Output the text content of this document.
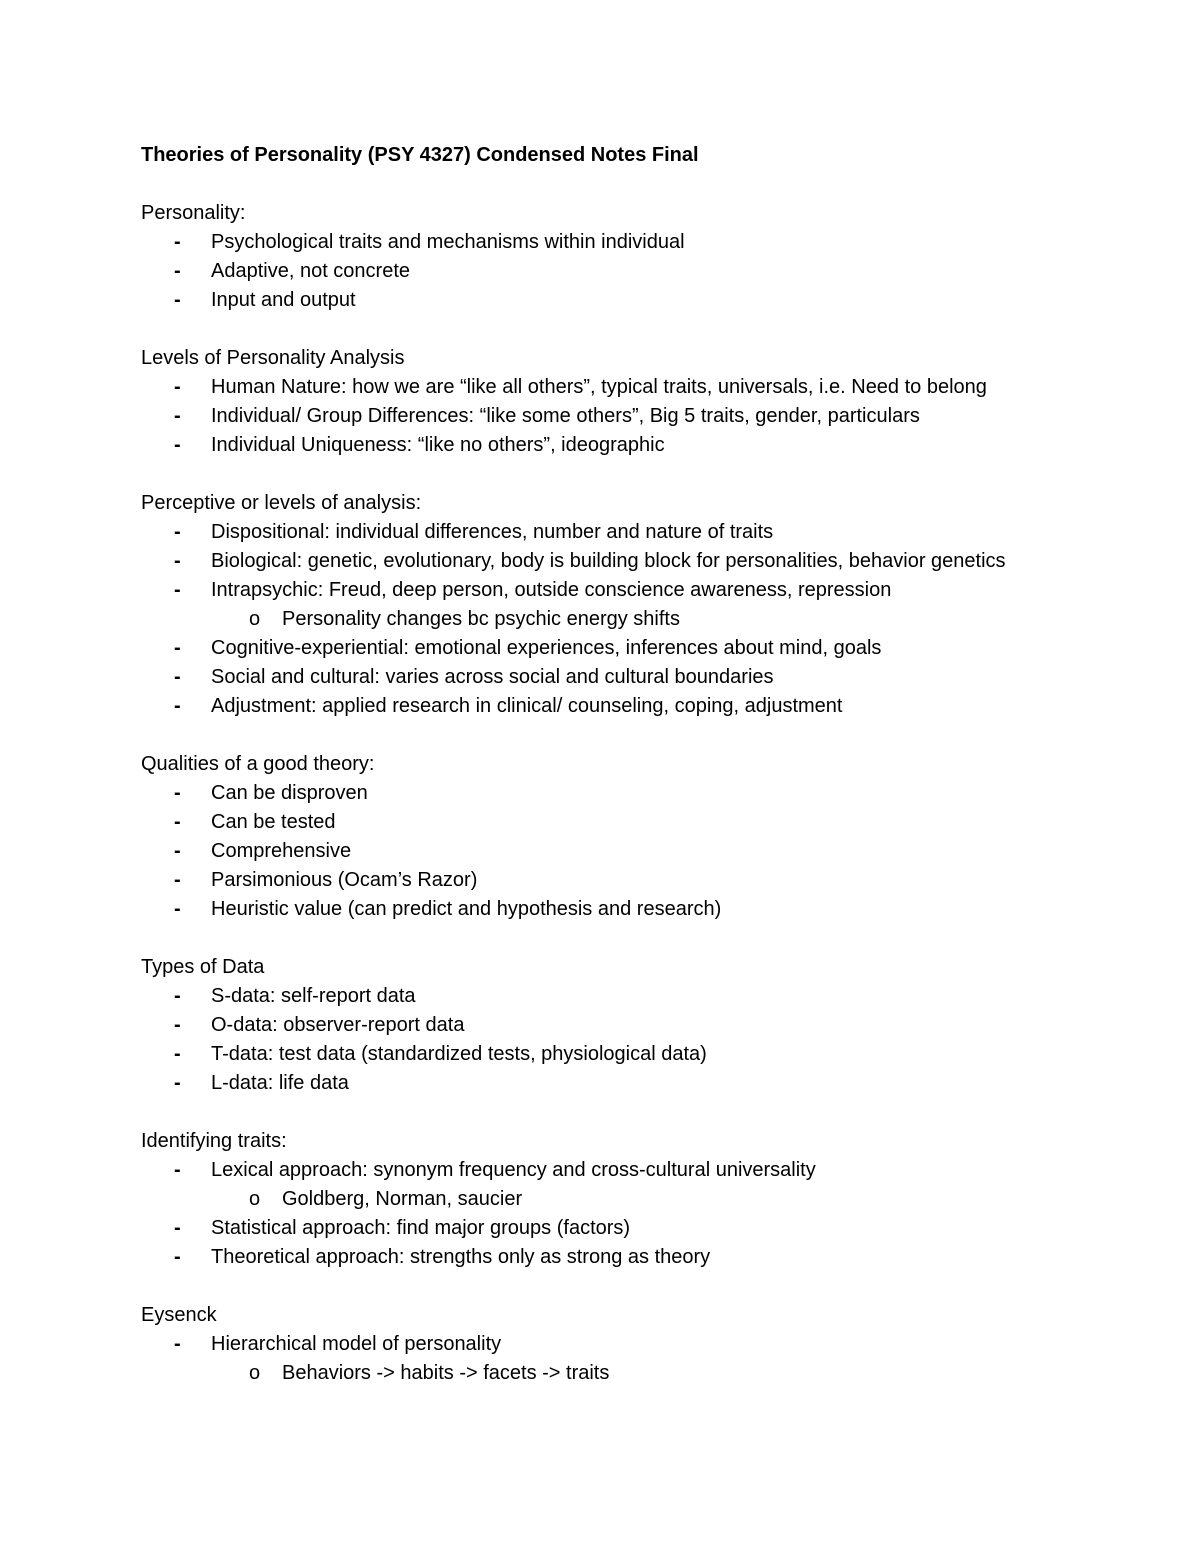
Theories of Personality (PSY 4327) Condensed Notes Final
Personality:
- Psychological traits and mechanisms within individual
- Adaptive, not concrete
- Input and output
Levels of Personality Analysis
- Human Nature: how we are “like all others”, typical traits, universals, i.e. Need to belong
- Individual/ Group Differences: “like some others”, Big 5 traits, gender, particulars
- Individual Uniqueness: “like no others”, ideographic
Perceptive or levels of analysis:
- Dispositional: individual differences, number and nature of traits
- Biological: genetic, evolutionary, body is building block for personalities, behavior genetics
- Intrapsychic: Freud, deep person, outside conscience awareness, repression
o Personality changes bc psychic energy shifts
- Cognitive-experiential: emotional experiences, inferences about mind, goals
- Social and cultural: varies across social and cultural boundaries
- Adjustment: applied research in clinical/ counseling, coping, adjustment
Qualities of a good theory:
- Can be disproven
- Can be tested
- Comprehensive
- Parsimonious (Ocam’s Razor)
- Heuristic value (can predict and hypothesis and research)
Types of Data
- S-data: self-report data
- O-data: observer-report data
- T-data: test data (standardized tests, physiological data)
- L-data: life data
Identifying traits:
- Lexical approach: synonym frequency and cross-cultural universality
o Goldberg, Norman, saucier
- Statistical approach: find major groups (factors)
- Theoretical approach: strengths only as strong as theory
Eysenck
- Hierarchical model of personality
o Behaviors -> habits -> facets -> traits
